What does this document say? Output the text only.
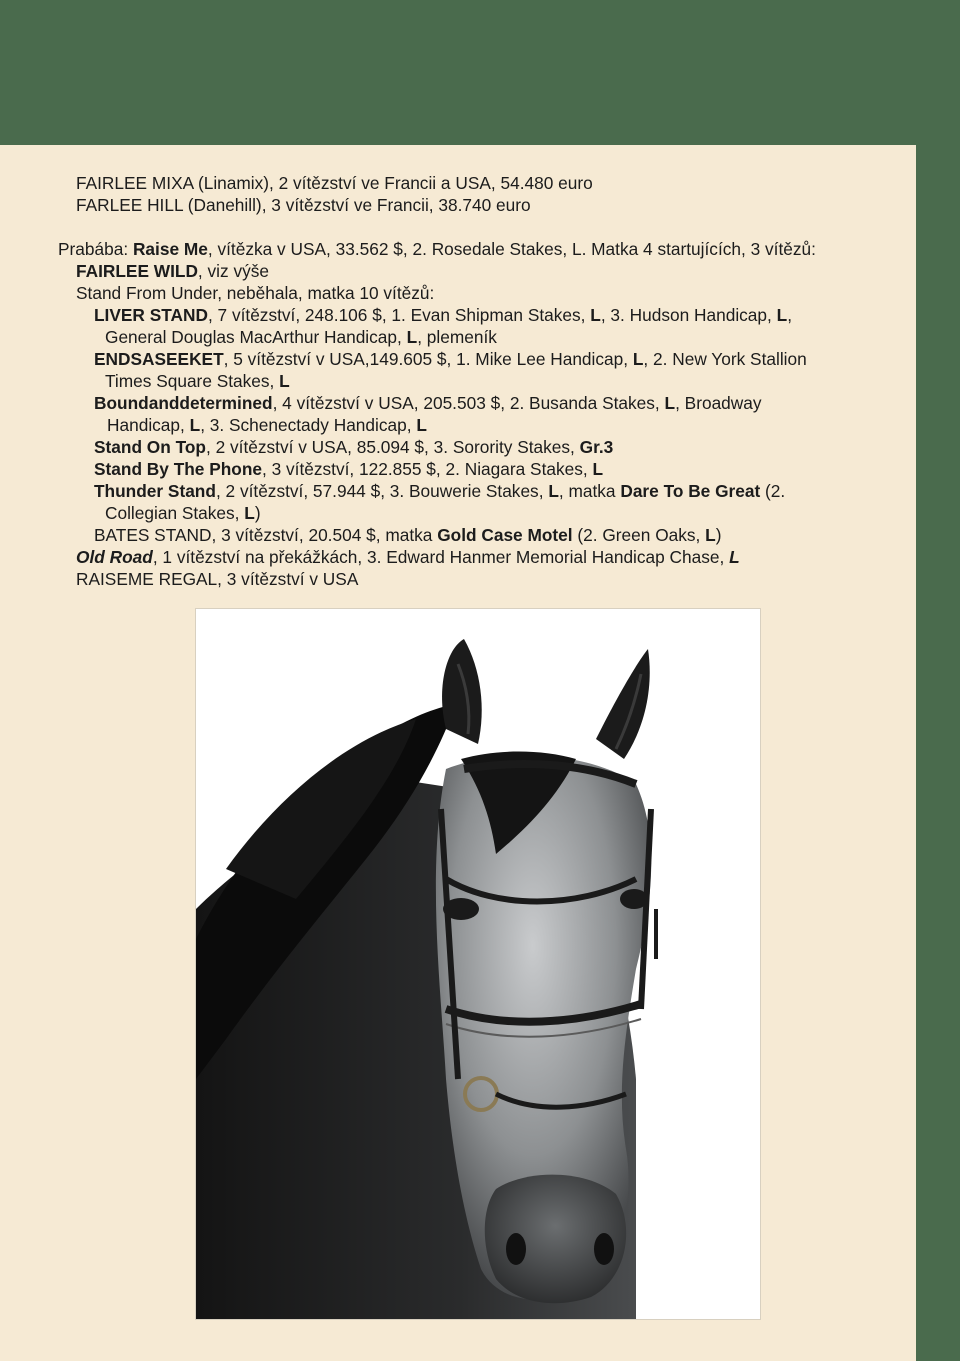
FAIRLEE MIXA (Linamix), 2 vítězství ve Francii a USA, 54.480 euro
FARLEE HILL (Danehill), 3 vítězství ve Francii, 38.740 euro
Prabába: Raise Me, vítězka v USA, 33.562 $, 2. Rosedale Stakes, L. Matka 4 startujících, 3 vítězů:
FAIRLEE WILD, viz výše
Stand From Under, neběhala, matka 10 vítězů:
LIVER STAND, 7 vítězství, 248.106 $, 1. Evan Shipman Stakes, L, 3. Hudson Handicap, L,
General Douglas MacArthur Handicap, L, plemeník
ENDSASEEKET, 5 vítězství v USA,149.605 $, 1. Mike Lee Handicap, L, 2. New York Stallion
Times Square Stakes, L
Boundanddetermined, 4 vítězství v USA, 205.503 $, 2. Busanda Stakes, L, Broadway
Handicap, L, 3. Schenectady Handicap, L
Stand On Top, 2 vítězství v USA, 85.094 $, 3. Sorority Stakes, Gr.3
Stand By The Phone, 3 vítězství, 122.855 $, 2. Niagara Stakes, L
Thunder Stand, 2 vítězství, 57.944 $, 3. Bouwerie Stakes, L, matka Dare To Be Great (2.
Collegian Stakes, L)
BATES STAND, 3 vítězství, 20.504 $, matka Gold Case Motel (2. Green Oaks, L)
Old Road, 1 vítězství na překážkách, 3. Edward Hanmer Memorial Handicap Chase, L
RAISEME REGAL, 3 vítězství v USA
